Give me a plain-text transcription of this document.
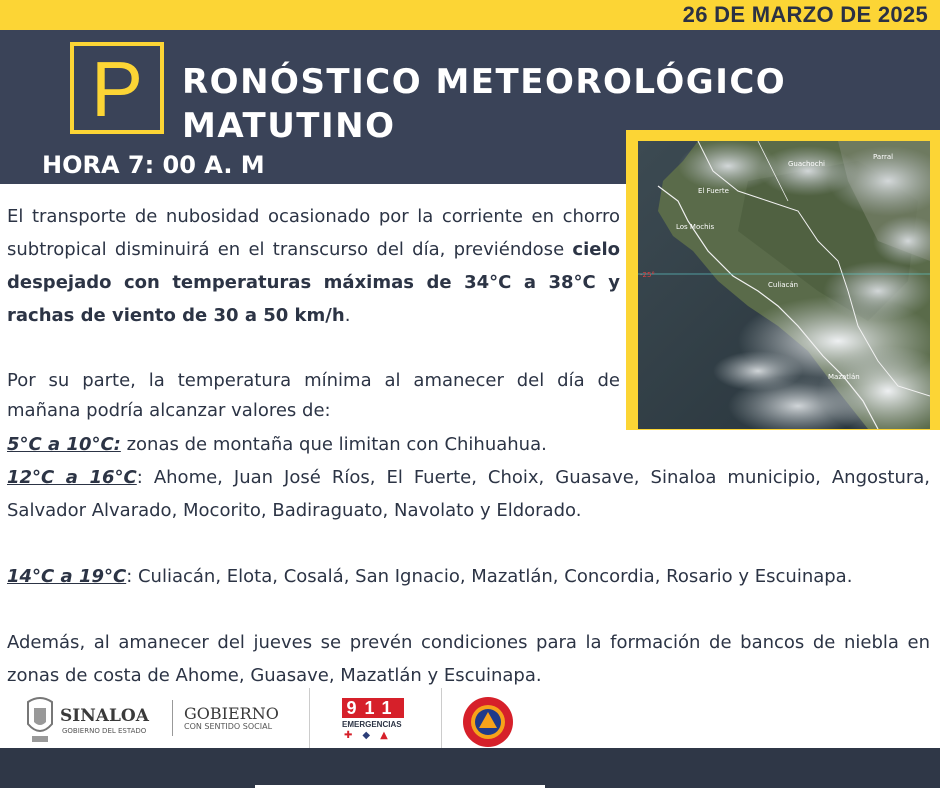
26 DE MARZO DE 2025
P	RONÓSTICO METEOROLÓGICO
MATUTINO
HORA 7: 00 A. M	Guachochi
Parral
El Fuerte
Los Mochis
Culiacán
Mazatlán
-25°
El transporte de nubosidad ocasionado por la corriente en chorro subtropical disminuirá en el transcurso del día, previéndose cielo despejado con temperaturas máximas de 34°C a 38°C y rachas de viento de 30 a 50 km/h.
Por su parte, la temperatura mínima al amanecer del día de mañana podría alcanzar valores de:
5°C a 10°C: zonas de montaña que limitan con Chihuahua.
12°C a 16°C: Ahome, Juan José Ríos, El Fuerte, Choix, Guasave, Sinaloa municipio, Angostura, Salvador Alvarado, Mocorito, Badiraguato, Navolato y Eldorado.
14°C a 19°C: Culiacán, Elota, Cosalá, San Ignacio, Mazatlán, Concordia, Rosario y Escuinapa.
Además, al amanecer del jueves se prevén condiciones para la formación de bancos de niebla en zonas de costa de Ahome, Guasave, Mazatlán y Escuinapa.
SINALOA
GOBIERNO DEL ESTADO
GOBIERNO
CON SENTIDO SOCIAL
911
EMERGENCIAS
✚◆▲
